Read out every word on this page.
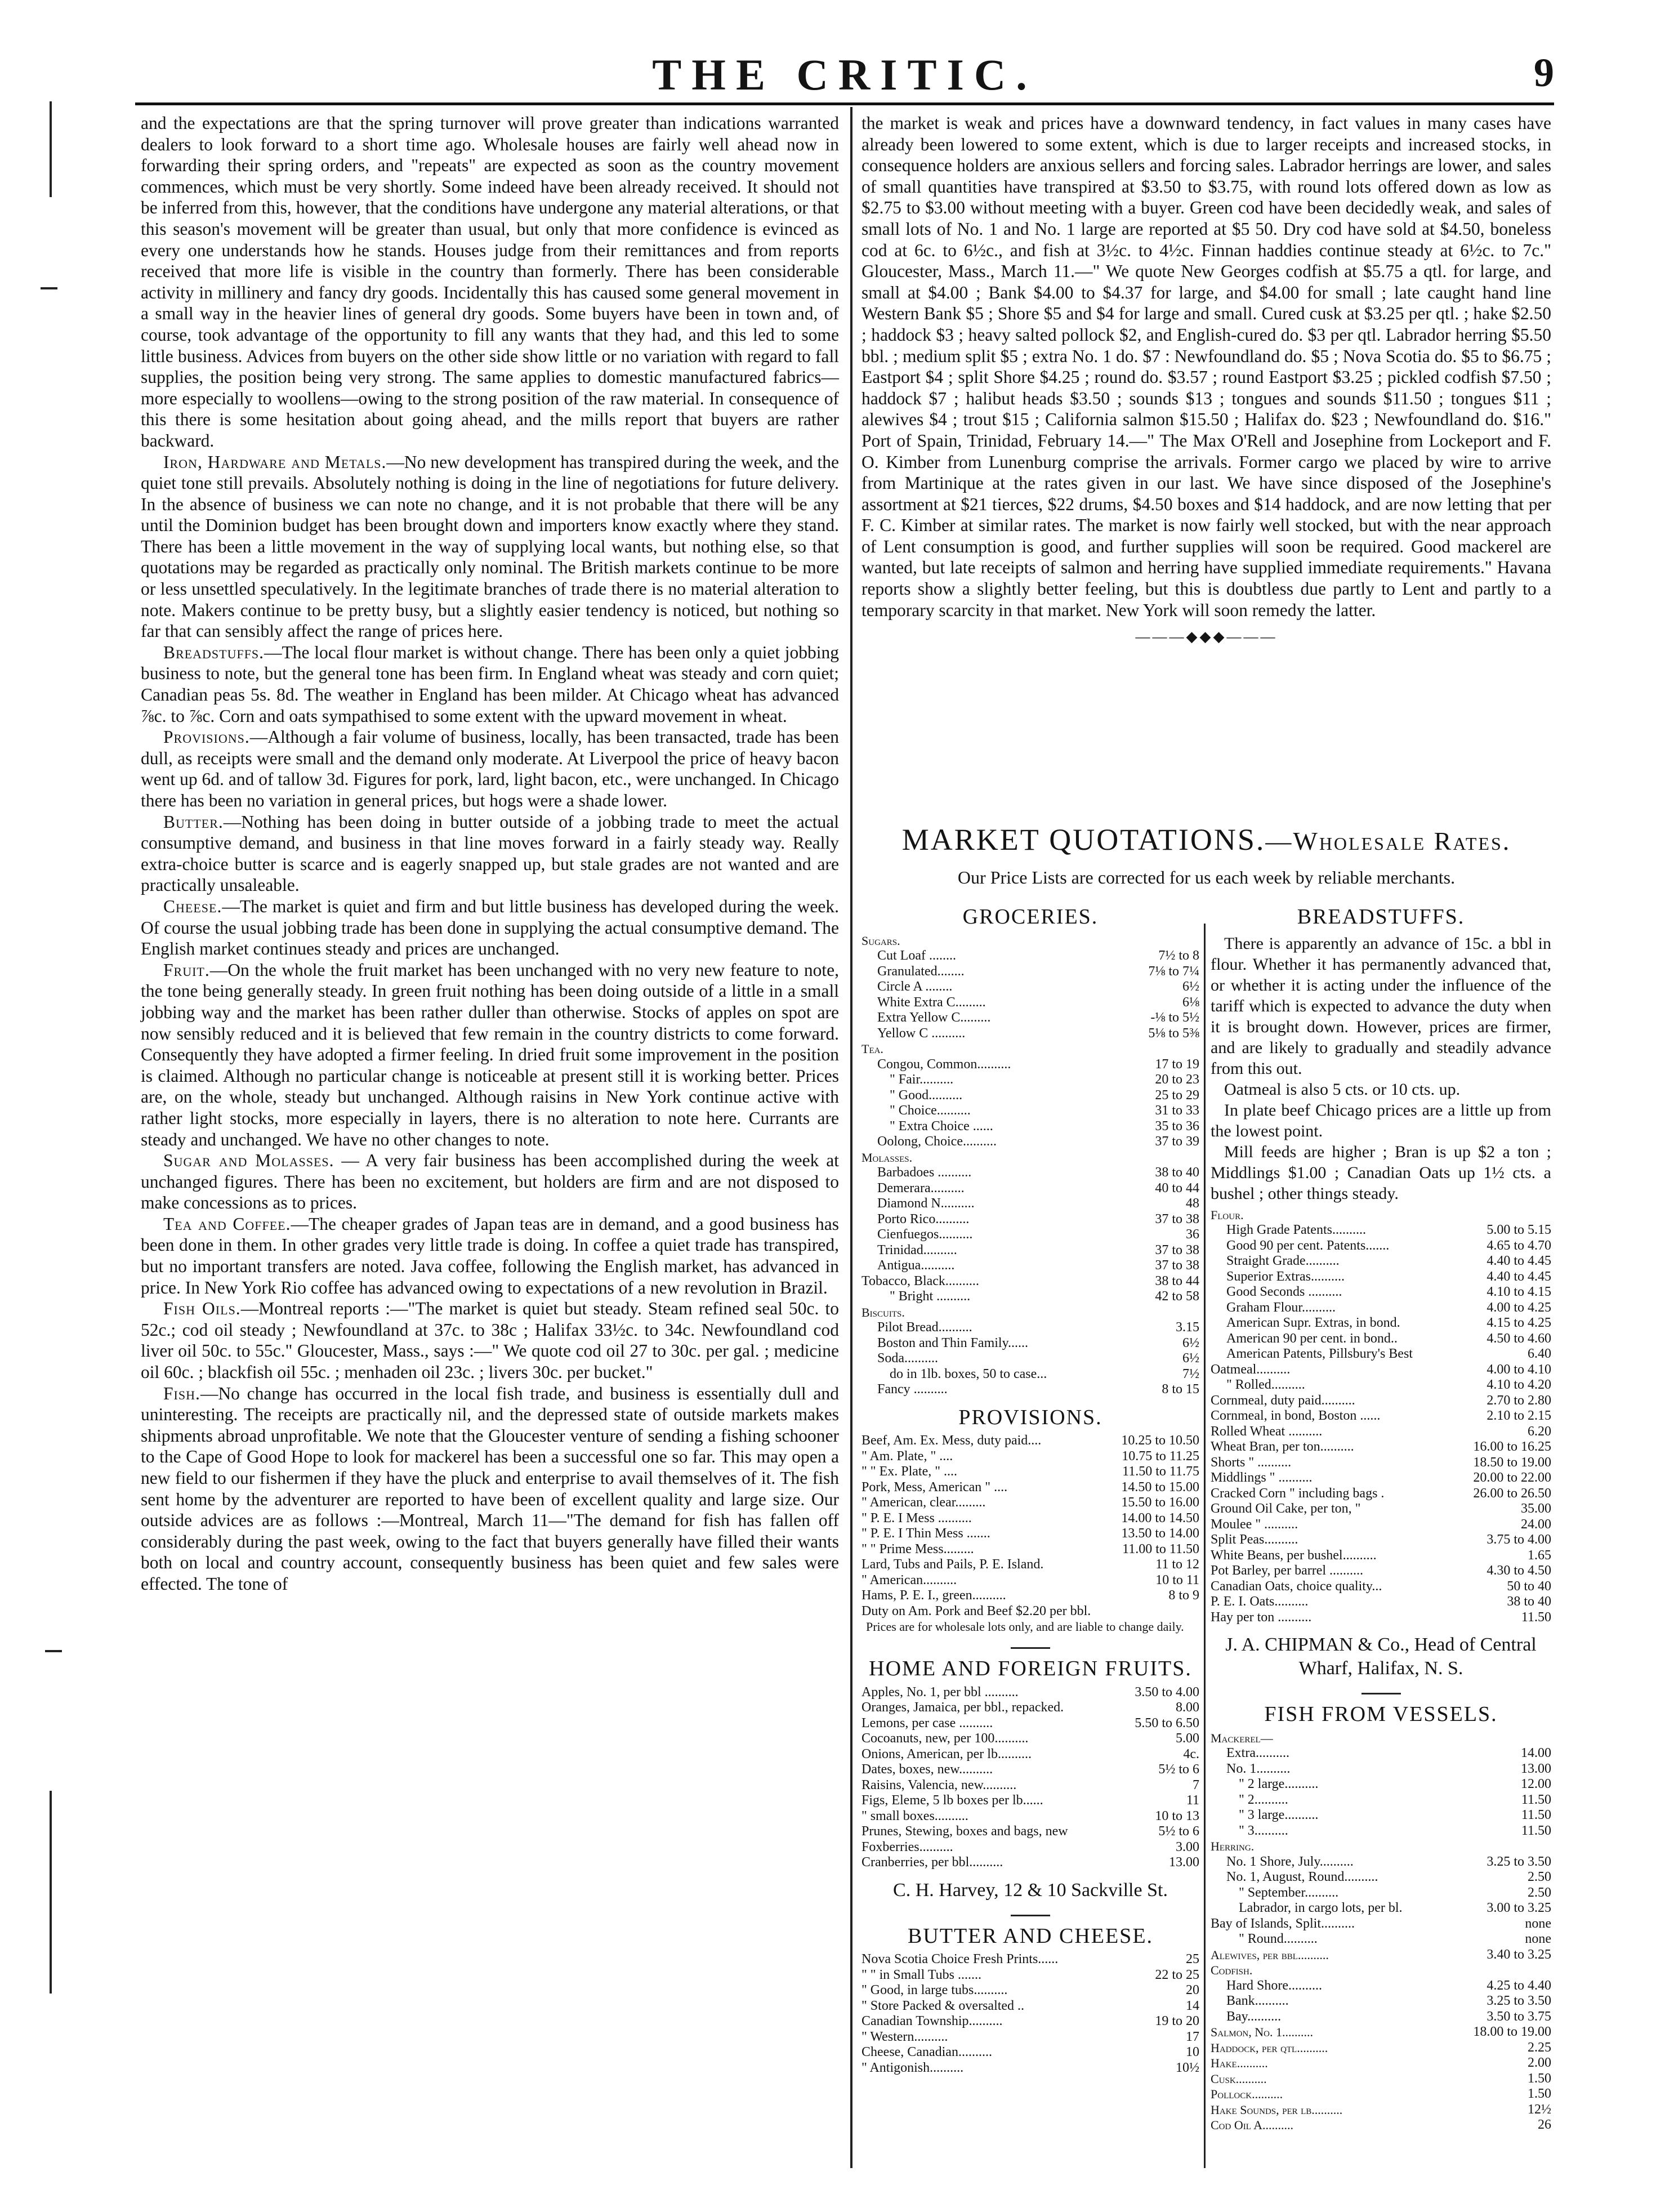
THE CRITIC.	9

and the expectations are that the spring turnover will prove greater than indications warranted dealers to look forward to a short time ago. Wholesale houses are fairly well ahead now in forwarding their spring orders, and "repeats" are expected as soon as the country movement commences, which must be very shortly. Some indeed have been already received. It should not be inferred from this, however, that the conditions have undergone any material alterations, or that this season's movement will be greater than usual, but only that more confidence is evinced as every one understands how he stands. Houses judge from their remittances and from reports received that more life is visible in the country than formerly. There has been considerable activity in millinery and fancy dry goods. Incidentally this has caused some general movement in a small way in the heavier lines of general dry goods. Some buyers have been in town and, of course, took advantage of the opportunity to fill any wants that they had, and this led to some little business. Advices from buyers on the other side show little or no variation with regard to fall supplies, the position being very strong. The same applies to domestic manufactured fabrics—more especially to woollens—owing to the strong position of the raw material. In consequence of this there is some hesitation about going ahead, and the mills report that buyers are rather backward.

Iron, Hardware and Metals.—No new development has transpired during the week, and the quiet tone still prevails. Absolutely nothing is doing in the line of negotiations for future delivery. In the absence of business we can note no change, and it is not probable that there will be any until the Dominion budget has been brought down and importers know exactly where they stand. There has been a little movement in the way of supplying local wants, but nothing else, so that quotations may be regarded as practically only nominal. The British markets continue to be more or less unsettled speculatively. In the legitimate branches of trade there is no material alteration to note. Makers continue to be pretty busy, but a slightly easier tendency is noticed, but nothing so far that can sensibly affect the range of prices here.

Breadstuffs.—The local flour market is without change. There has been only a quiet jobbing business to note, but the general tone has been firm. In England wheat was steady and corn quiet; Canadian peas 5s. 8d. The weather in England has been milder. At Chicago wheat has advanced ⅞c. to ⅞c. Corn and oats sympathised to some extent with the upward movement in wheat.

Provisions.—Although a fair volume of business, locally, has been transacted, trade has been dull, as receipts were small and the demand only moderate. At Liverpool the price of heavy bacon went up 6d. and of tallow 3d. Figures for pork, lard, light bacon, etc., were unchanged. In Chicago there has been no variation in general prices, but hogs were a shade lower.

Butter.—Nothing has been doing in butter outside of a jobbing trade to meet the actual consumptive demand, and business in that line moves forward in a fairly steady way. Really extra-choice butter is scarce and is eagerly snapped up, but stale grades are not wanted and are practically unsaleable.

Cheese.—The market is quiet and firm and but little business has developed during the week. Of course the usual jobbing trade has been done in supplying the actual consumptive demand. The English market continues steady and prices are unchanged.

Fruit.—On the whole the fruit market has been unchanged with no very new feature to note, the tone being generally steady. In green fruit nothing has been doing outside of a little in a small jobbing way and the market has been rather duller than otherwise. Stocks of apples on spot are now sensibly reduced and it is believed that few remain in the country districts to come forward. Consequently they have adopted a firmer feeling. In dried fruit some improvement in the position is claimed. Although no particular change is noticeable at present still it is working better. Prices are, on the whole, steady but unchanged. Although raisins in New York continue active with rather light stocks, more especially in layers, there is no alteration to note here. Currants are steady and unchanged. We have no other changes to note.

Sugar and Molasses. — A very fair business has been accomplished during the week at unchanged figures. There has been no excitement, but holders are firm and are not disposed to make concessions as to prices.

Tea and Coffee.—The cheaper grades of Japan teas are in demand, and a good business has been done in them. In other grades very little trade is doing. In coffee a quiet trade has transpired, but no important transfers are noted. Java coffee, following the English market, has advanced in price. In New York Rio coffee has advanced owing to expectations of a new revolution in Brazil.

Fish Oils.—Montreal reports :—"The market is quiet but steady. Steam refined seal 50c. to 52c.; cod oil steady ; Newfoundland at 37c. to 38c ; Halifax 33½c. to 34c. Newfoundland cod liver oil 50c. to 55c." Gloucester, Mass., says :—" We quote cod oil 27 to 30c. per gal. ; medicine oil 60c. ; blackfish oil 55c. ; menhaden oil 23c. ; livers 30c. per bucket."

Fish.—No change has occurred in the local fish trade, and business is essentially dull and uninteresting. The receipts are practically nil, and the depressed state of outside markets makes shipments abroad unprofitable. We note that the Gloucester venture of sending a fishing schooner to the Cape of Good Hope to look for mackerel has been a successful one so far. This may open a new field to our fishermen if they have the pluck and enterprise to avail themselves of it. The fish sent home by the adventurer are reported to have been of excellent quality and large size. Our outside advices are as follows :—Montreal, March 11—"The demand for fish has fallen off considerably during the past week, owing to the fact that buyers generally have filled their wants both on local and country account, consequently business has been quiet and few sales were effected. The tone of

the market is weak and prices have a downward tendency, in fact values in many cases have already been lowered to some extent, which is due to larger receipts and increased stocks, in consequence holders are anxious sellers and forcing sales. Labrador herrings are lower, and sales of small quantities have transpired at $3.50 to $3.75, with round lots offered down as low as $2.75 to $3.00 without meeting with a buyer. Green cod have been decidedly weak, and sales of small lots of No. 1 and No. 1 large are reported at $5 50. Dry cod have sold at $4.50, boneless cod at 6c. to 6½c., and fish at 3½c. to 4½c. Finnan haddies continue steady at 6½c. to 7c." Gloucester, Mass., March 11.—" We quote New Georges codfish at $5.75 a qtl. for large, and small at $4.00 ; Bank $4.00 to $4.37 for large, and $4.00 for small ; late caught hand line Western Bank $5 ; Shore $5 and $4 for large and small. Cured cusk at $3.25 per qtl. ; hake $2.50 ; haddock $3 ; heavy salted pollock $2, and English-cured do. $3 per qtl. Labrador herring $5.50 bbl. ; medium split $5 ; extra No. 1 do. $7 : Newfoundland do. $5 ; Nova Scotia do. $5 to $6.75 ; Eastport $4 ; split Shore $4.25 ; round do. $3.57 ; round Eastport $3.25 ; pickled codfish $7.50 ; haddock $7 ; halibut heads $3.50 ; sounds $13 ; tongues and sounds $11.50 ; tongues $11 ; alewives $4 ; trout $15 ; California salmon $15.50 ; Halifax do. $23 ; Newfoundland do. $16." Port of Spain, Trinidad, February 14.—" The Max O'Rell and Josephine from Lockeport and F. O. Kimber from Lunenburg comprise the arrivals. Former cargo we placed by wire to arrive from Martinique at the rates given in our last. We have since disposed of the Josephine's assortment at $21 tierces, $22 drums, $4.50 boxes and $14 haddock, and are now letting that per F. C. Kimber at similar rates. The market is now fairly well stocked, but with the near approach of Lent consumption is good, and further supplies will soon be required. Good mackerel are wanted, but late receipts of salmon and herring have supplied immediate requirements." Havana reports show a slightly better feeling, but this is doubtless due partly to Lent and partly to a temporary scarcity in that market. New York will soon remedy the latter.

———◆◆◆———
MARKET QUOTATIONS.—Wholesale Rates.
Our Price Lists are corrected for us each week by reliable merchants.
GROCERIES.
Sugars.
Cut Loaf ........	7½ to 8
Granulated........	7⅛ to 7¼
Circle A ........	6½
White Extra C.........	6⅛
Extra Yellow C.........	-⅛ to 5½
Yellow C ..........	5⅛ to 5⅜
Tea.
Congou, Common..........	17 to 19
" Fair..........	20 to 23
" Good..........	25 to 29
" Choice..........	31 to 33
" Extra Choice ......	35 to 36
Oolong, Choice..........	37 to 39
Molasses.
Barbadoes ..........	38 to 40
Demerara..........	40 to 44
Diamond N..........	48
Porto Rico..........	37 to 38
Cienfuegos..........	36
Trinidad..........	37 to 38
Antigua..........	37 to 38
Tobacco, Black..........	38 to 44
" Bright ..........	42 to 58
Biscuits.
Pilot Bread..........	3.15
Boston and Thin Family......	6½
Soda..........	6½
do in 1lb. boxes, 50 to case...	7½
Fancy ..........	8 to 15
PROVISIONS.
Beef, Am. Ex. Mess, duty paid....	10.25 to 10.50
" Am. Plate, " ....	10.75 to 11.25
" " Ex. Plate, " ....	11.50 to 11.75
Pork, Mess, American " ....	14.50 to 15.00
" American, clear.........	15.50 to 16.00
" P. E. I Mess ..........	14.00 to 14.50
" P. E. I Thin Mess .......	13.50 to 14.00
" " Prime Mess.........	11.00 to 11.50
Lard, Tubs and Pails, P. E. Island.	11 to 12
" American..........	10 to 11
Hams, P. E. I., green..........	8 to 9
Duty on Am. Pork and Beef $2.20 per bbl.
Prices are for wholesale lots only, and are liable to change daily.
HOME AND FOREIGN FRUITS.
Apples, No. 1, per bbl ..........	3.50 to 4.00
Oranges, Jamaica, per bbl., repacked.	8.00
Lemons, per case ..........	5.50 to 6.50
Cocoanuts, new, per 100..........	5.00
Onions, American, per lb..........	4c.
Dates, boxes, new..........	5½ to 6
Raisins, Valencia, new..........	7
Figs, Eleme, 5 lb boxes per lb......	11
" small boxes..........	10 to 13
Prunes, Stewing, boxes and bags, new	5½ to 6
Foxberries..........	3.00
Cranberries, per bbl..........	13.00
C. H. Harvey, 12 & 10 Sackville St.
BUTTER AND CHEESE.
Nova Scotia Choice Fresh Prints......	25
" " in Small Tubs .......	22 to 25
" Good, in large tubs..........	20
" Store Packed & oversalted ..	14
Canadian Township..........	19 to 20
" Western..........	17
Cheese, Canadian..........	10
" Antigonish..........	10½
BREADSTUFFS.

There is apparently an advance of 15c. a bbl in flour. Whether it has permanently advanced that, or whether it is acting under the influence of the tariff which is expected to advance the duty when it is brought down. However, prices are firmer, and are likely to gradually and steadily advance from this out.

Oatmeal is also 5 cts. or 10 cts. up.

In plate beef Chicago prices are a little up from the lowest point.

Mill feeds are higher ; Bran is up $2 a ton ; Middlings $1.00 ; Canadian Oats up 1½ cts. a bushel ; other things steady.

Flour.
High Grade Patents..........	5.00 to 5.15
Good 90 per cent. Patents.......	4.65 to 4.70
Straight Grade..........	4.40 to 4.45
Superior Extras..........	4.40 to 4.45
Good Seconds ..........	4.10 to 4.15
Graham Flour..........	4.00 to 4.25
American Supr. Extras, in bond.	4.15 to 4.25
American 90 per cent. in bond..	4.50 to 4.60
American Patents, Pillsbury's Best	6.40
Oatmeal..........	4.00 to 4.10
" Rolled..........	4.10 to 4.20
Cornmeal, duty paid..........	2.70 to 2.80
Cornmeal, in bond, Boston ......	2.10 to 2.15
Rolled Wheat ..........	6.20
Wheat Bran, per ton..........	16.00 to 16.25
Shorts " ..........	18.50 to 19.00
Middlings " ..........	20.00 to 22.00
Cracked Corn " including bags .	26.00 to 26.50
Ground Oil Cake, per ton, "	35.00
Moulee " ..........	24.00
Split Peas..........	3.75 to 4.00
White Beans, per bushel..........	1.65
Pot Barley, per barrel ..........	4.30 to 4.50
Canadian Oats, choice quality...	50 to 40
P. E. I. Oats..........	38 to 40
Hay per ton ..........	11.50
J. A. CHIPMAN & Co., Head of Central Wharf, Halifax, N. S.
FISH FROM VESSELS.
Mackerel—
Extra..........	14.00
No. 1..........	13.00
" 2 large..........	12.00
" 2..........	11.50
" 3 large..........	11.50
" 3..........	11.50
Herring.
No. 1 Shore, July..........	3.25 to 3.50
No. 1, August, Round..........	2.50
" September..........	2.50
Labrador, in cargo lots, per bl.	3.00 to 3.25
Bay of Islands, Split..........	none
" Round..........	none
Alewives, per bbl..........	3.40 to 3.25
Codfish.
Hard Shore..........	4.25 to 4.40
Bank..........	3.25 to 3.50
Bay..........	3.50 to 3.75
Salmon, No. 1..........	18.00 to 19.00
Haddock, per qtl..........	2.25
Hake..........	2.00
Cusk..........	1.50
Pollock..........	1.50
Hake Sounds, per lb..........	12½
Cod Oil A..........	26
